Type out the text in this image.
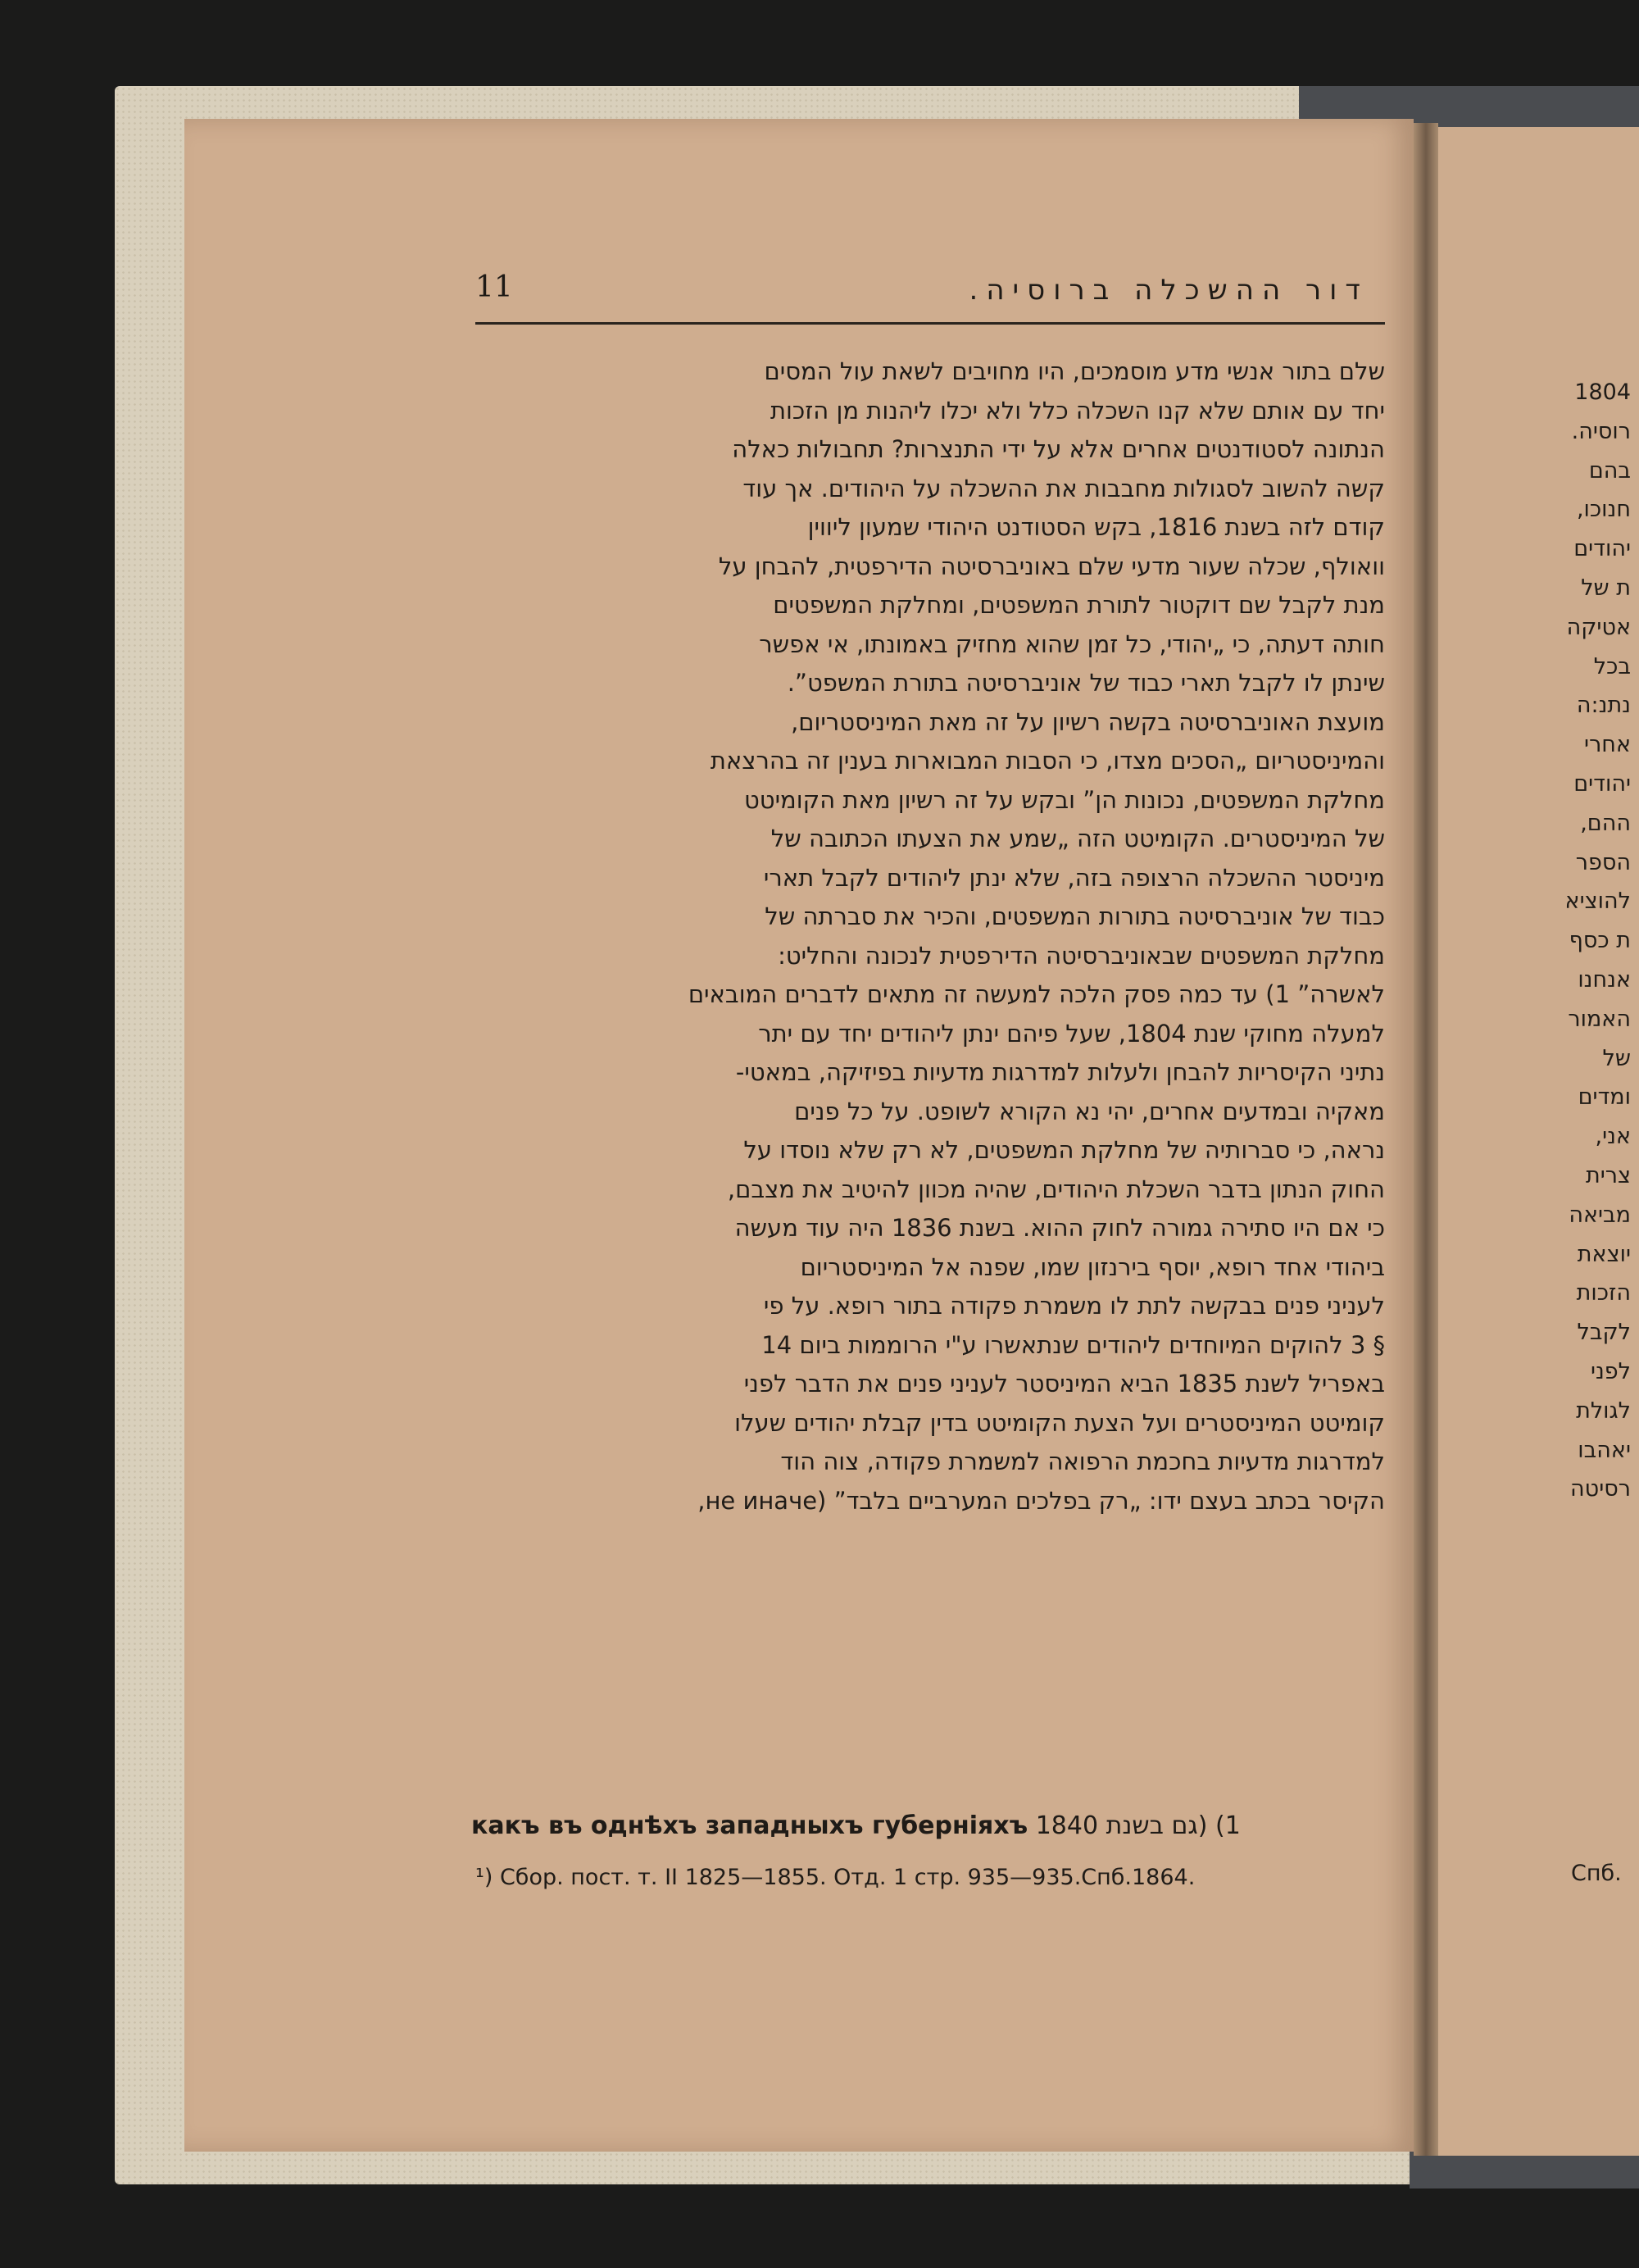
11	דור ההשכלה ברוסיה.
שלם בתור אנשי מדע מוסמכים, היו מחויבים לשאת עול המסים
יחד עם אותם שלא קנו השכלה כלל ולא יכלו ליהנות מן הזכות
הנתונה לסטודנטים אחרים אלא על ידי התנצרות? תחבולות כאלה
קשה להשוב לסגולות מחבבות את ההשכלה על היהודים. אך עוד
קודם לזה בשנת 1816, בקש הסטודנט היהודי שמעון ליווין
וואולף, שכלה שעור מדעי שלם באוניברסיטה הדירפטית, להבחן על
מנת לקבל שם דוקטור לתורת המשפטים, ומחלקת המשפטים
חותה דעתה, כי „יהודי, כל זמן שהוא מחזיק באמונתו, אי אפשר
שינתן לו לקבל תארי כבוד של אוניברסיטה בתורת המשפט”.
מועצת האוניברסיטה בקשה רשיון על זה מאת המיניסטריום,
והמיניסטריום „הסכים מצדו, כי הסבות המבוארות בענין זה בהרצאת
מחלקת המשפטים, נכונות הן” ובקש על זה רשיון מאת הקומיטט
של המיניסטרים. הקומיטט הזה „שמע את הצעתו הכתובה של
מיניסטר ההשכלה הרצופה בזה, שלא ינתן ליהודים לקבל תארי
כבוד של אוניברסיטה בתורות המשפטים, והכיר את סברתה של
מחלקת המשפטים שבאוניברסיטה הדירפטית לנכונה והחליט:
לאשרה” 1) עד כמה פסק הלכה למעשה זה מתאים לדברים המובאים
למעלה מחוקי שנת 1804, שעל פיהם ינתן ליהודים יחד עם יתר
נתיני הקיסריות להבחן ולעלות למדרגות מדעיות בפיזיקה, במאטי-
מאקיה ובמדעים אחרים, יהי נא הקורא לשופט. על כל פנים
נראה, כי סברותיה של מחלקת המשפטים, לא רק שלא נוסדו על
החוק הנתון בדבר השכלת היהודים, שהיה מכוון להיטיב את מצבם,
כי אם היו סתירה גמורה לחוק ההוא. בשנת 1836 היה עוד מעשה
ביהודי אחד רופא, יוסף בירנזון שמו, שפנה אל המיניסטריום
לעניני פנים בבקשה לתת לו משמרת פקודה בתור רופא. על פי
§ 3 להוקים המיוחדים ליהודים שנתאשרו ע"י הרוממות ביום 14
באפריל לשנת 1835 הביא המיניסטר לעניני פנים את הדבר לפני
קומיטט המיניסטרים ועל הצעת הקומיטט בדין קבלת יהודים שעלו
למדרגות מדעיות בחכמת הרפואה למשמרת פקודה, צוה הוד
הקיסר בכתב בעצם ידו: „רק בפלכים המערביים בלבד” (не иначе,
какъ въ однѣхъ западныхъ губерніяхъ 1) (גם בשנת 1840
¹) Сбор. пост. т. II 1825—1855. Отд. 1 стр. 935—935.Спб.1864.
1804
רוסיה.
בהם
חנוכו,
יהודים
ת של
אטיקה
בכל
נתנ:ה
אחרי
יהודים
ההם,
הספר
להוציא
ת כסף
אנחנו
האמור
של
ומדים
אני,
צרית
מביאה
יוצאת
הזכות
לקבל
לפני
לגולת
יאהבו
רסיטה
Спб.
